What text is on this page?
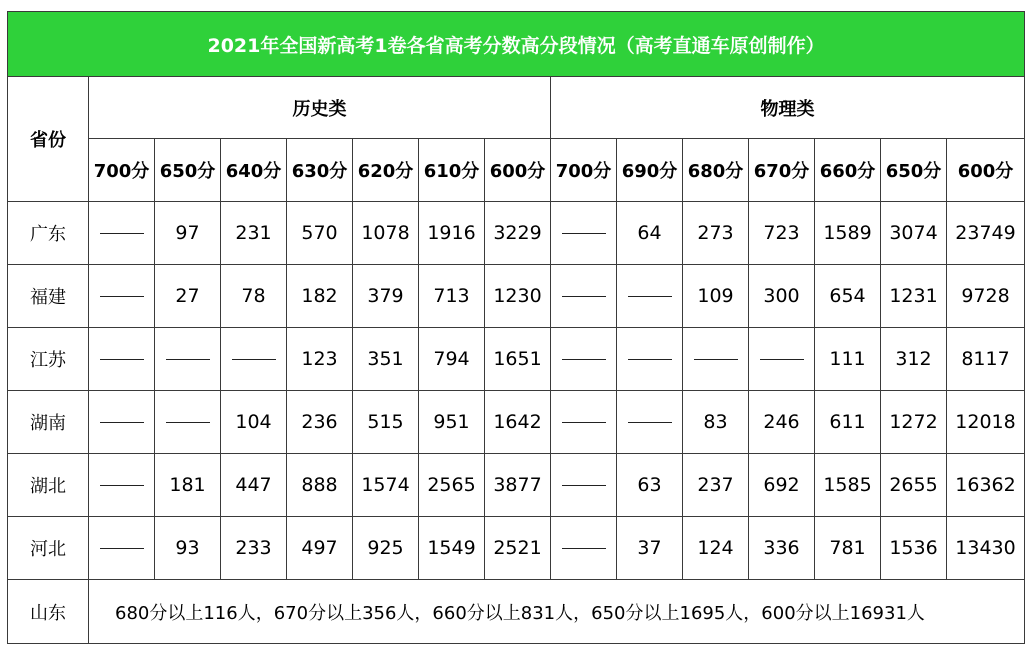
2021年全国新高考1卷各省高考分数高分段情况（高考直通车原创制作）														
省份	历史类							物理类						
	700分	650分	640分	630分	620分	610分	600分	700分	690分	680分	670分	660分	650分	600分
广东		97	231	570	1078	1916	3229		64	273	723	1589	3074	23749
福建		27	78	182	379	713	1230			109	300	654	1231	9728
江苏				123	351	794	1651					111	312	8117
湖南			104	236	515	951	1642			83	246	611	1272	12018
湖北		181	447	888	1574	2565	3877		63	237	692	1585	2655	16362
河北		93	233	497	925	1549	2521		37	124	336	781	1536	13430
山东	680分以上116人，670分以上356人，660分以上831人，650分以上1695人，600分以上16931人													
